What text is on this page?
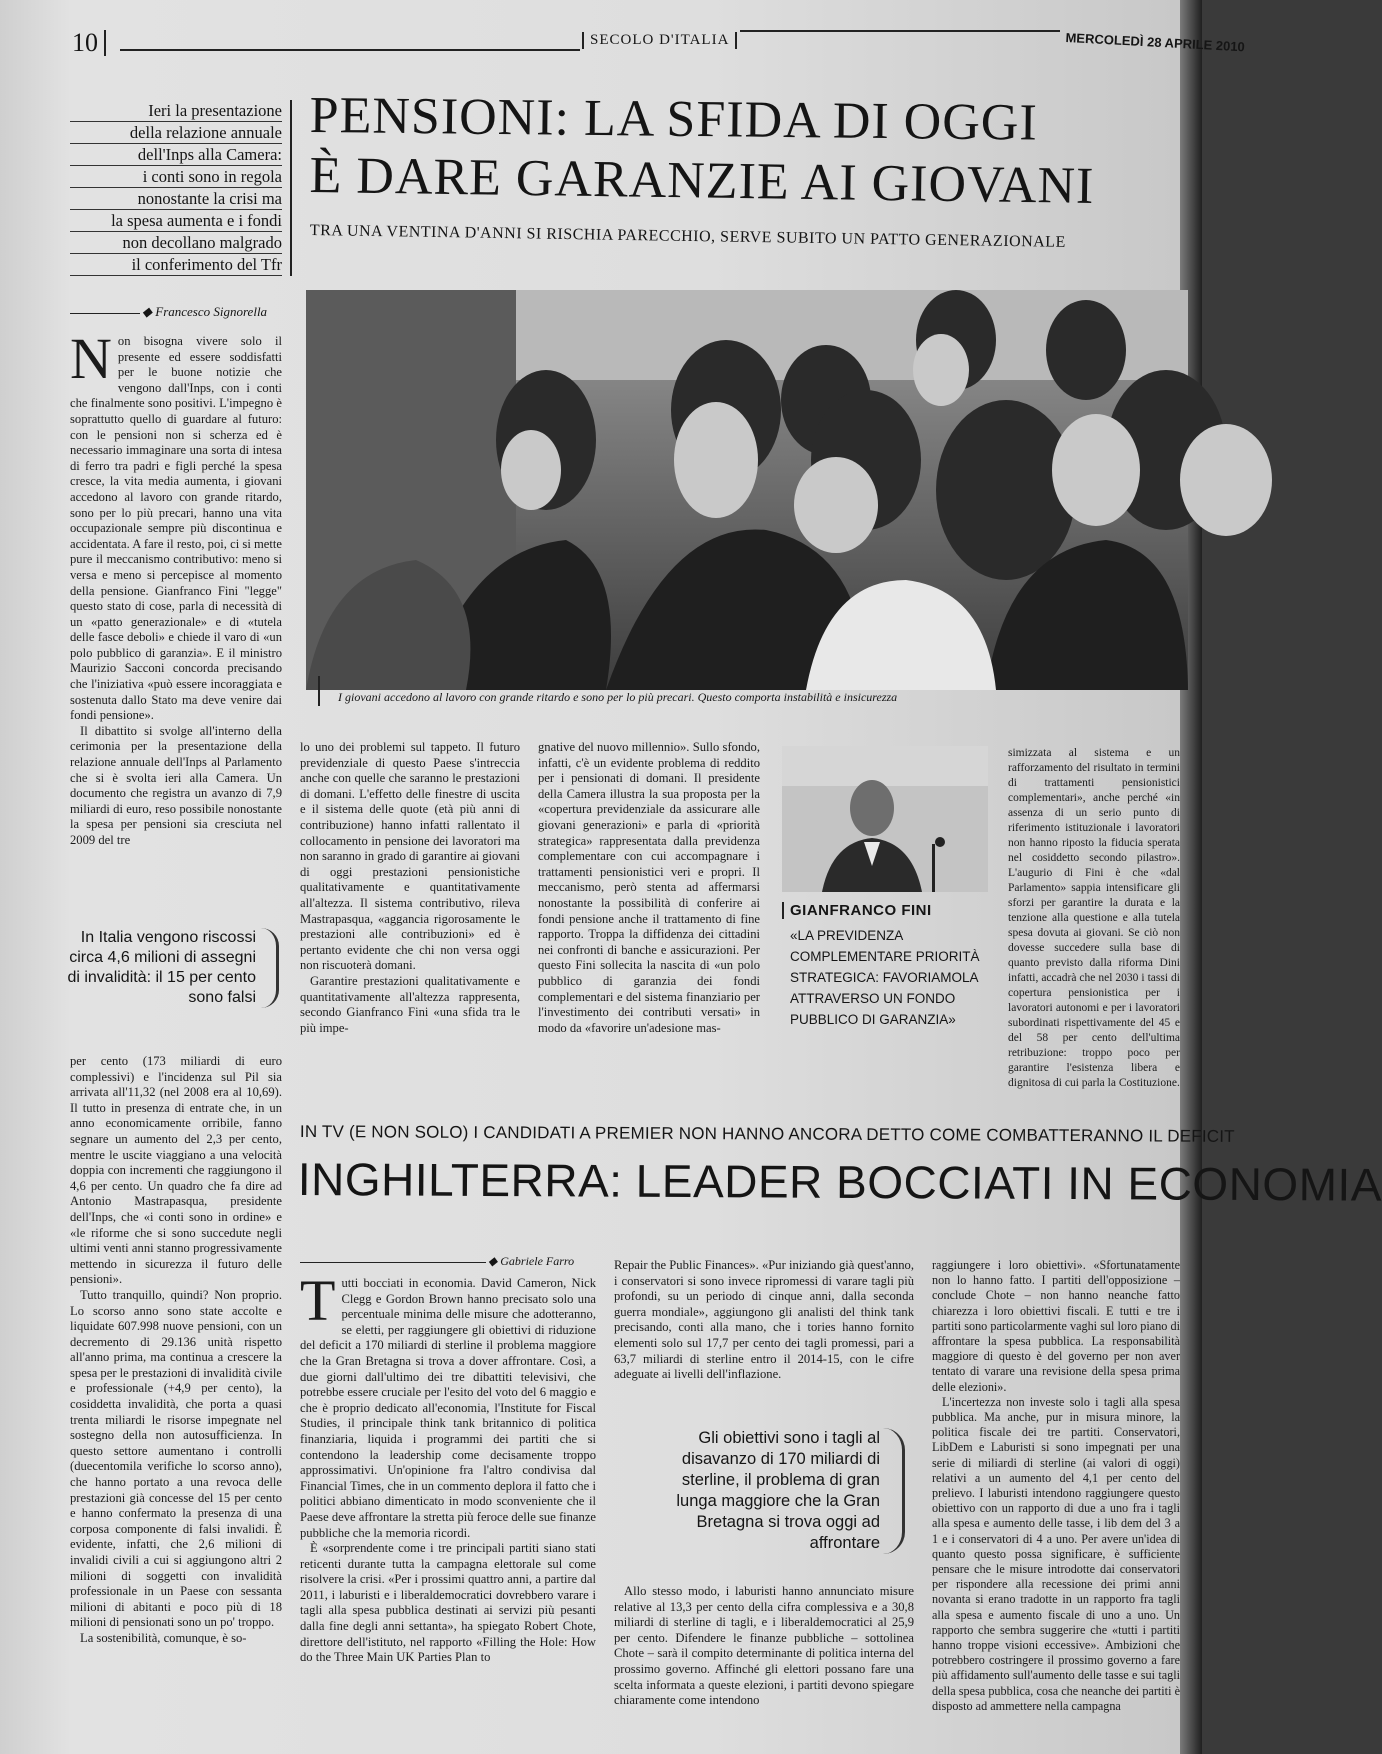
10	SECOLO D'ITALIA	MERCOLEDÌ 28 APRILE 2010
Ieri la presentazione
della relazione annuale
dell'Inps alla Camera:
i conti sono in regola
nonostante la crisi ma
la spesa aumenta e i fondi
non decollano malgrado
il conferimento del Tfr
PENSIONI: LA SFIDA DI OGGI
È DARE GARANZIE AI GIOVANI
TRA UNA VENTINA D'ANNI SI RISCHIA PARECCHIO, SERVE SUBITO UN PATTO GENERAZIONALE
◆ Francesco Signorella
I giovani accedono al lavoro con grande ritardo e sono per lo più precari. Questo comporta instabilità e insicurezza

Non bisogna vivere solo il presente ed essere soddisfatti per le buone notizie che vengono dall'Inps, con i conti che finalmente sono positivi. L'impegno è soprattutto quello di guardare al futuro: con le pensioni non si scherza ed è necessario immaginare una sorta di intesa di ferro tra padri e figli perché la spesa cresce, la vita media aumenta, i giovani accedono al lavoro con grande ritardo, sono per lo più precari, hanno una vita occupazionale sempre più discontinua e accidentata. A fare il resto, poi, ci si mette pure il meccanismo contributivo: meno si versa e meno si percepisce al momento della pensione. Gianfranco Fini "legge" questo stato di cose, parla di necessità di un «patto generazionale» e di «tutela delle fasce deboli» e chiede il varo di «un polo pubblico di garanzia». E il ministro Maurizio Sacconi concorda precisando che l'iniziativa «può essere incoraggiata e sostenuta dallo Stato ma deve venire dai fondi pensione».

Il dibattito si svolge all'interno della cerimonia per la presentazione della relazione annuale dell'Inps al Parlamento che si è svolta ieri alla Camera. Un documento che registra un avanzo di 7,9 miliardi di euro, reso possibile nonostante la spesa per pensioni sia cresciuta nel 2009 del tre

In Italia vengono riscossi circa 4,6 milioni di assegni di invalidità: il 15 per cento sono falsi

per cento (173 miliardi di euro complessivi) e l'incidenza sul Pil sia arrivata all'11,32 (nel 2008 era al 10,69). Il tutto in presenza di entrate che, in un anno economicamente orribile, fanno segnare un aumento del 2,3 per cento, mentre le uscite viaggiano a una velocità doppia con incrementi che raggiungono il 4,6 per cento. Un quadro che fa dire ad Antonio Mastrapasqua, presidente dell'Inps, che «i conti sono in ordine» e «le riforme che si sono succedute negli ultimi venti anni stanno progressivamente mettendo in sicurezza il futuro delle pensioni».

Tutto tranquillo, quindi? Non proprio. Lo scorso anno sono state accolte e liquidate 607.998 nuove pensioni, con un decremento di 29.136 unità rispetto all'anno prima, ma continua a crescere la spesa per le prestazioni di invalidità civile e professionale (+4,9 per cento), la cosiddetta invalidità, che porta a quasi trenta miliardi le risorse impegnate nel sostegno della non autosufficienza. In questo settore aumentano i controlli (duecentomila verifiche lo scorso anno), che hanno portato a una revoca delle prestazioni già concesse del 15 per cento e hanno confermato la presenza di una corposa componente di falsi invalidi. È evidente, infatti, che 2,6 milioni di invalidi civili a cui si aggiungono altri 2 milioni di soggetti con invalidità professionale in un Paese con sessanta milioni di abitanti e poco più di 18 milioni di pensionati sono un po' troppo.

La sostenibilità, comunque, è so-

lo uno dei problemi sul tappeto. Il futuro previdenziale di questo Paese s'intreccia anche con quelle che saranno le prestazioni di domani. L'effetto delle finestre di uscita e il sistema delle quote (età più anni di contribuzione) hanno infatti rallentato il collocamento in pensione dei lavoratori ma non saranno in grado di garantire ai giovani di oggi prestazioni pensionistiche qualitativamente e quantitativamente all'altezza. Il sistema contributivo, rileva Mastrapasqua, «aggancia rigorosamente le prestazioni alle contribuzioni» ed è pertanto evidente che chi non versa oggi non riscuoterà domani.

Garantire prestazioni qualitativamente e quantitativamente all'altezza rappresenta, secondo Gianfranco Fini «una sfida tra le più impe-

gnative del nuovo millennio». Sullo sfondo, infatti, c'è un evidente problema di reddito per i pensionati di domani. Il presidente della Camera illustra la sua proposta per la «copertura previdenziale da assicurare alle giovani generazioni» e parla di «priorità strategica» rappresentata dalla previdenza complementare con cui accompagnare i trattamenti pensionistici veri e propri. Il meccanismo, però stenta ad affermarsi nonostante la possibilità di conferire ai fondi pensione anche il trattamento di fine rapporto. Troppa la diffidenza dei cittadini nei confronti di banche e assicurazioni. Per questo Fini sollecita la nascita di «un polo pubblico di garanzia dei fondi complementari e del sistema finanziario per l'investimento dei contributi versati» in modo da «favorire un'adesione mas-

GIANFRANCO FINI
«LA PREVIDENZA COMPLEMENTARE PRIORITÀ STRATEGICA: FAVORIAMOLA ATTRAVERSO UN FONDO PUBBLICO DI GARANZIA»

simizzata al sistema e un rafforzamento del risultato in termini di trattamenti pensionistici complementari», anche perché «in assenza di un serio punto di riferimento istituzionale i lavoratori non hanno riposto la fiducia sperata nel cosiddetto secondo pilastro». L'augurio di Fini è che «dal Parlamento» sappia intensificare gli sforzi per garantire la durata e la tenzione alla questione e alla tutela spesa dovuta ai giovani. Se ciò non dovesse succedere sulla base di quanto previsto dalla riforma Dini infatti, accadrà che nel 2030 i tassi di copertura pensionistica per i lavoratori autonomi e per i lavoratori subordinati rispettivamente del 45 e del 58 per cento dell'ultima retribuzione: troppo poco per garantire l'esistenza libera e dignitosa di cui parla la Costituzione.

IN TV (E NON SOLO) I CANDIDATI A PREMIER NON HANNO ANCORA DETTO COME COMBATTERANNO IL DEFICIT
INGHILTERRA: LEADER BOCCIATI IN ECONOMIA
◆ Gabriele Farro

Tutti bocciati in economia. David Cameron, Nick Clegg e Gordon Brown hanno precisato solo una percentuale minima delle misure che adotteranno, se eletti, per raggiungere gli obiettivi di riduzione del deficit a 170 miliardi di sterline il problema maggiore che la Gran Bretagna si trova a dover affrontare. Così, a due giorni dall'ultimo dei tre dibattiti televisivi, che potrebbe essere cruciale per l'esito del voto del 6 maggio e che è proprio dedicato all'economia, l'Institute for Fiscal Studies, il principale think tank britannico di politica finanziaria, liquida i programmi dei partiti che si contendono la leadership come decisamente troppo approssimativi. Un'opinione fra l'altro condivisa dal Financial Times, che in un commento deplora il fatto che i politici abbiano dimenticato in modo sconveniente che il Paese deve affrontare la stretta più feroce delle sue finanze pubbliche che la memoria ricordi.

È «sorprendente come i tre principali partiti siano stati reticenti durante tutta la campagna elettorale sul come risolvere la crisi. «Per i prossimi quattro anni, a partire dal 2011, i laburisti e i liberaldemocratici dovrebbero varare i tagli alla spesa pubblica destinati ai servizi più pesanti dalla fine degli anni settanta», ha spiegato Robert Chote, direttore dell'istituto, nel rapporto «Filling the Hole: How do the Three Main UK Parties Plan to

Repair the Public Finances». «Pur iniziando già quest'anno, i conservatori si sono invece ripromessi di varare tagli più profondi, su un periodo di cinque anni, dalla seconda guerra mondiale», aggiungono gli analisti del think tank precisando, conti alla mano, che i tories hanno fornito elementi solo sul 17,7 per cento dei tagli promessi, pari a 63,7 miliardi di sterline entro il 2014-15, con le cifre adeguate ai livelli dell'inflazione.

Gli obiettivi sono i tagli al disavanzo di 170 miliardi di sterline, il problema di gran lunga maggiore che la Gran Bretagna si trova oggi ad affrontare

Allo stesso modo, i laburisti hanno annunciato misure relative al 13,3 per cento della cifra complessiva e a 30,8 miliardi di sterline di tagli, e i liberaldemocratici al 25,9 per cento. Difendere le finanze pubbliche – sottolinea Chote – sarà il compito determinante di politica interna del prossimo governo. Affinché gli elettori possano fare una scelta informata a queste elezioni, i partiti devono spiegare chiaramente come intendono

raggiungere i loro obiettivi». «Sfortunatamente non lo hanno fatto. I partiti dell'opposizione – conclude Chote – non hanno neanche fatto chiarezza i loro obiettivi fiscali. E tutti e tre i partiti sono particolarmente vaghi sul loro piano di affrontare la spesa pubblica. La responsabilità maggiore di questo è del governo per non aver tentato di varare una revisione della spesa prima delle elezioni».

L'incertezza non investe solo i tagli alla spesa pubblica. Ma anche, pur in misura minore, la politica fiscale dei tre partiti. Conservatori, LibDem e Laburisti si sono impegnati per una serie di miliardi di sterline (ai valori di oggi) relativi a un aumento del 4,1 per cento del prelievo. I laburisti intendono raggiungere questo obiettivo con un rapporto di due a uno fra i tagli alla spesa e aumento delle tasse, i lib dem del 3 a 1 e i conservatori di 4 a uno. Per avere un'idea di quanto questo possa significare, è sufficiente pensare che le misure introdotte dai conservatori per rispondere alla recessione dei primi anni novanta si erano tradotte in un rapporto fra tagli alla spesa e aumento fiscale di uno a uno. Un rapporto che sembra suggerire che «tutti i partiti hanno troppe visioni eccessive». Ambizioni che potrebbero costringere il prossimo governo a fare più affidamento sull'aumento delle tasse e sui tagli della spesa pubblica, cosa che neanche dei partiti è disposto ad ammettere nella campagna
